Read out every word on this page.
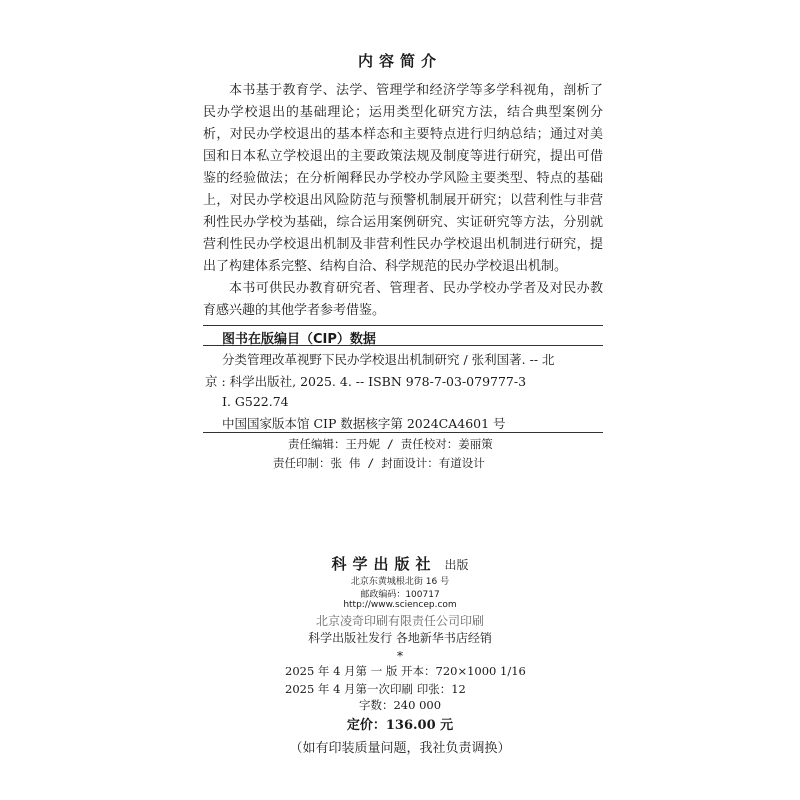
内容简介

本书基于教育学、法学、管理学和经济学等多学科视角，剖析了民办学校退出的基础理论；运用类型化研究方法，结合典型案例分析，对民办学校退出的基本样态和主要特点进行归纳总结；通过对美国和日本私立学校退出的主要政策法规及制度等进行研究，提出可借鉴的经验做法；在分析阐释民办学校办学风险主要类型、特点的基础上，对民办学校退出风险防范与预警机制展开研究；以营利性与非营利性民办学校为基础，综合运用案例研究、实证研究等方法，分别就营利性民办学校退出机制及非营利性民办学校退出机制进行研究，提出了构建体系完整、结构自洽、科学规范的民办学校退出机制。

本书可供民办教育研究者、管理者、民办学校办学者及对民办教育感兴趣的其他学者参考借鉴。

图书在版编目（CIP）数据
分类管理改革视野下民办学校退出机制研究 / 张利国著. -- 北
京 : 科学出版社, 2025. 4. -- ISBN 978-7-03-079777-3
Ⅰ. G522.74
中国国家版本馆 CIP 数据核字第 2024CA4601 号
责任编辑：王丹妮 / 责任校对：姜丽策
责任印制：张 伟 / 封面设计：有道设计
科学出版社 出版
北京东黄城根北街 16 号
邮政编码：100717
http://www.sciencep.com
北京凌奇印刷有限责任公司印刷
科学出版社发行 各地新华书店经销
*
2025 年 4 月第 一 版 开本：720×1000 1/16
2025 年 4 月第一次印刷 印张：12
字数：240 000
定价：136.00 元
（如有印装质量问题，我社负责调换）
